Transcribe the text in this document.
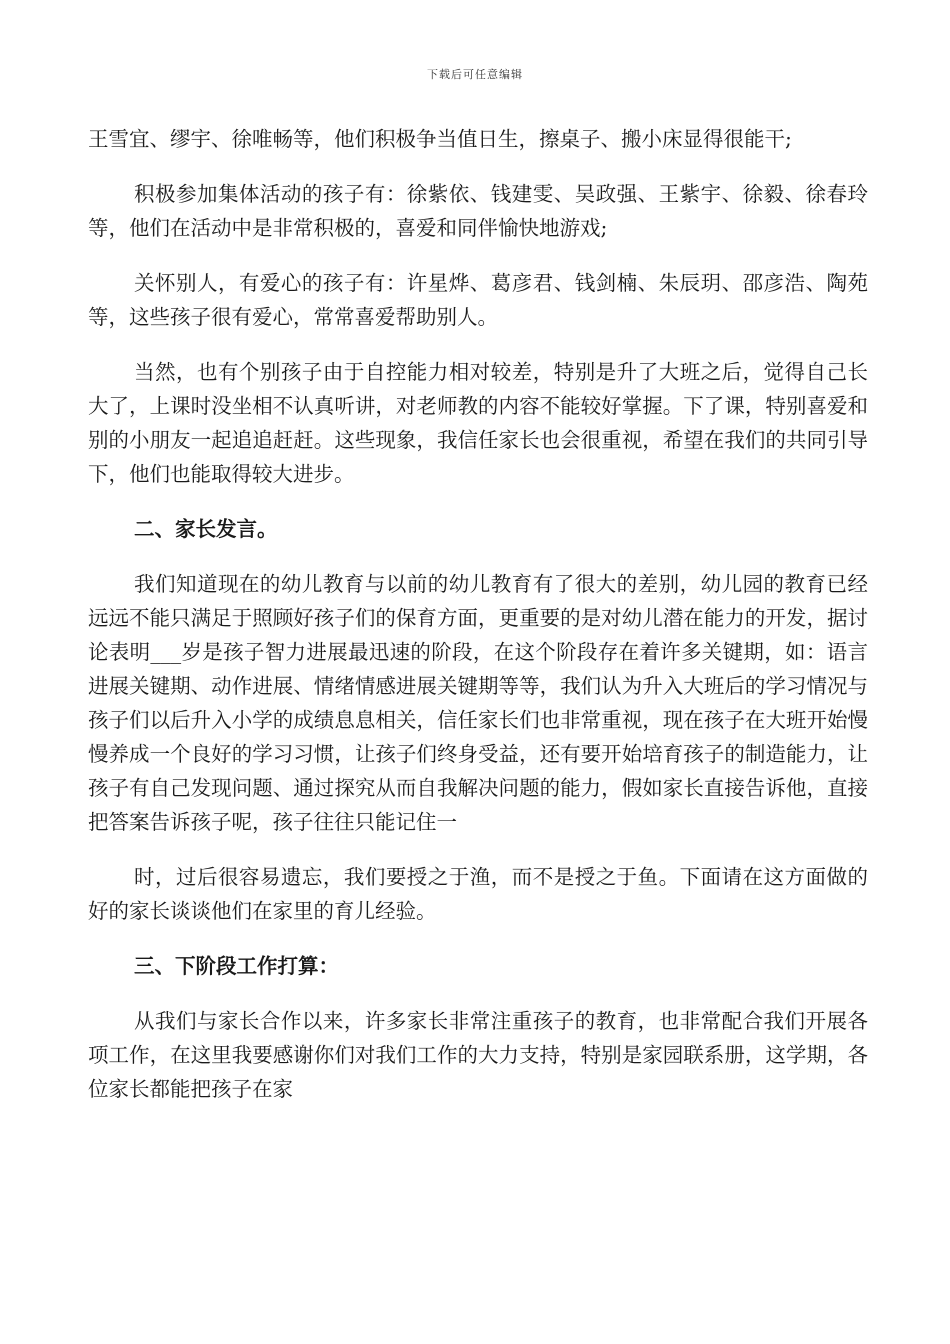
下载后可任意编辑

王雪宜、缪宇、徐唯畅等，他们积极争当值日生，擦桌子、搬小床显得很能干;

积极参加集体活动的孩子有：徐紫依、钱建雯、吴政强、王紫宇、徐毅、徐春玲等，他们在活动中是非常积极的，喜爱和同伴愉快地游戏;

关怀别人，有爱心的孩子有：许星烨、葛彦君、钱剑楠、朱辰玥、邵彦浩、陶苑等，这些孩子很有爱心，常常喜爱帮助别人。

当然，也有个别孩子由于自控能力相对较差，特别是升了大班之后，觉得自己长大了，上课时没坐相不认真听讲，对老师教的内容不能较好掌握。下了课，特别喜爱和别的小朋友一起追追赶赶。这些现象，我信任家长也会很重视，希望在我们的共同引导下，他们也能取得较大进步。

二、家长发言。

我们知道现在的幼儿教育与以前的幼儿教育有了很大的差别，幼儿园的教育已经远远不能只满足于照顾好孩子们的保育方面，更重要的是对幼儿潜在能力的开发，据讨论表明___岁是孩子智力进展最迅速的阶段，在这个阶段存在着许多关键期，如：语言进展关键期、动作进展、情绪情感进展关键期等等，我们认为升入大班后的学习情况与孩子们以后升入小学的成绩息息相关，信任家长们也非常重视，现在孩子在大班开始慢慢养成一个良好的学习习惯，让孩子们终身受益，还有要开始培育孩子的制造能力，让孩子有自己发现问题、通过探究从而自我解决问题的能力，假如家长直接告诉他，直接把答案告诉孩子呢，孩子往往只能记住一

时，过后很容易遗忘，我们要授之于渔，而不是授之于鱼。下面请在这方面做的好的家长谈谈他们在家里的育儿经验。

三、下阶段工作打算：

从我们与家长合作以来，许多家长非常注重孩子的教育，也非常配合我们开展各项工作，在这里我要感谢你们对我们工作的大力支持，特别是家园联系册，这学期，各位家长都能把孩子在家
